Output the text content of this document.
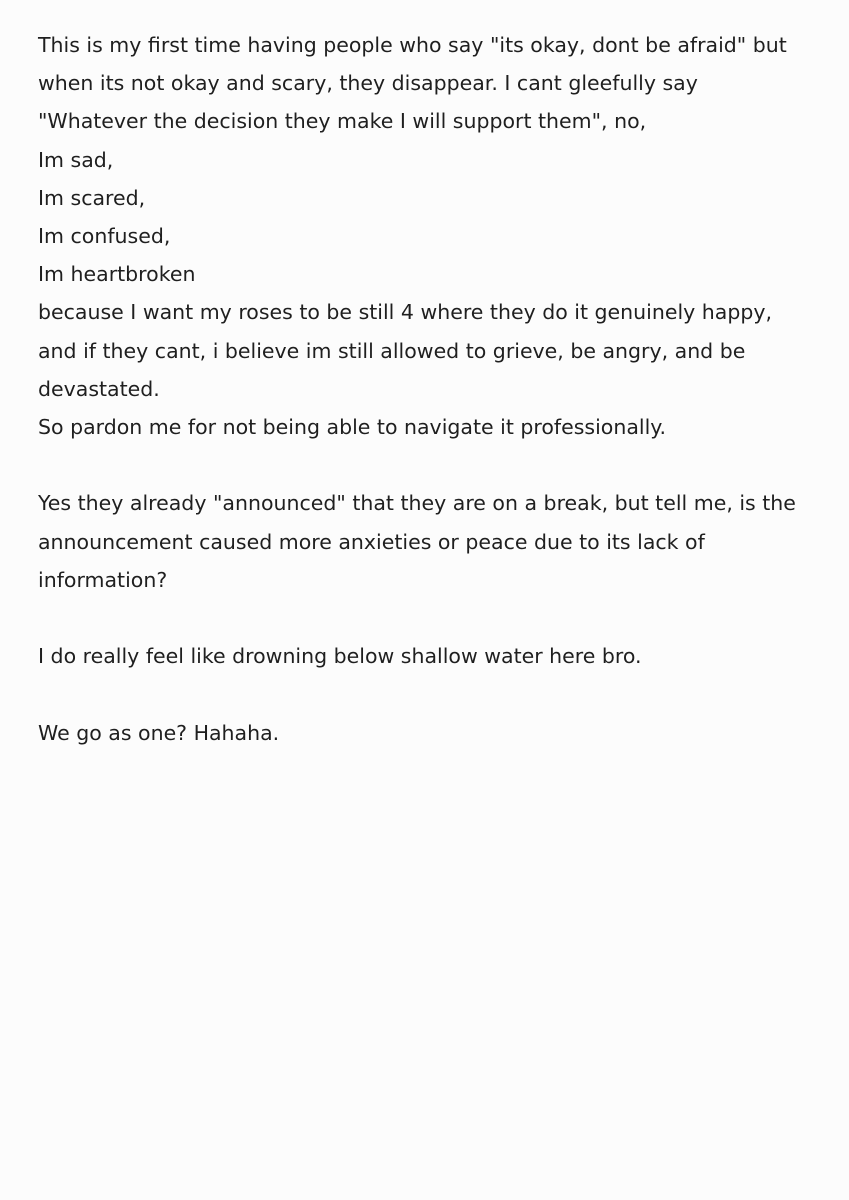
This is my first time having people who say "its okay, dont be afraid" but
when its not okay and scary, they disappear. I cant gleefully say
"Whatever the decision they make I will support them", no,
Im sad,
Im scared,
Im confused,
Im heartbroken
because I want my roses to be still 4 where they do it genuinely happy,
and if they cant, i believe im still allowed to grieve, be angry, and be
devastated.
So pardon me for not being able to navigate it professionally.
Yes they already "announced" that they are on a break, but tell me, is the
announcement caused more anxieties or peace due to its lack of
information?
I do really feel like drowning below shallow water here bro.
We go as one? Hahaha.
